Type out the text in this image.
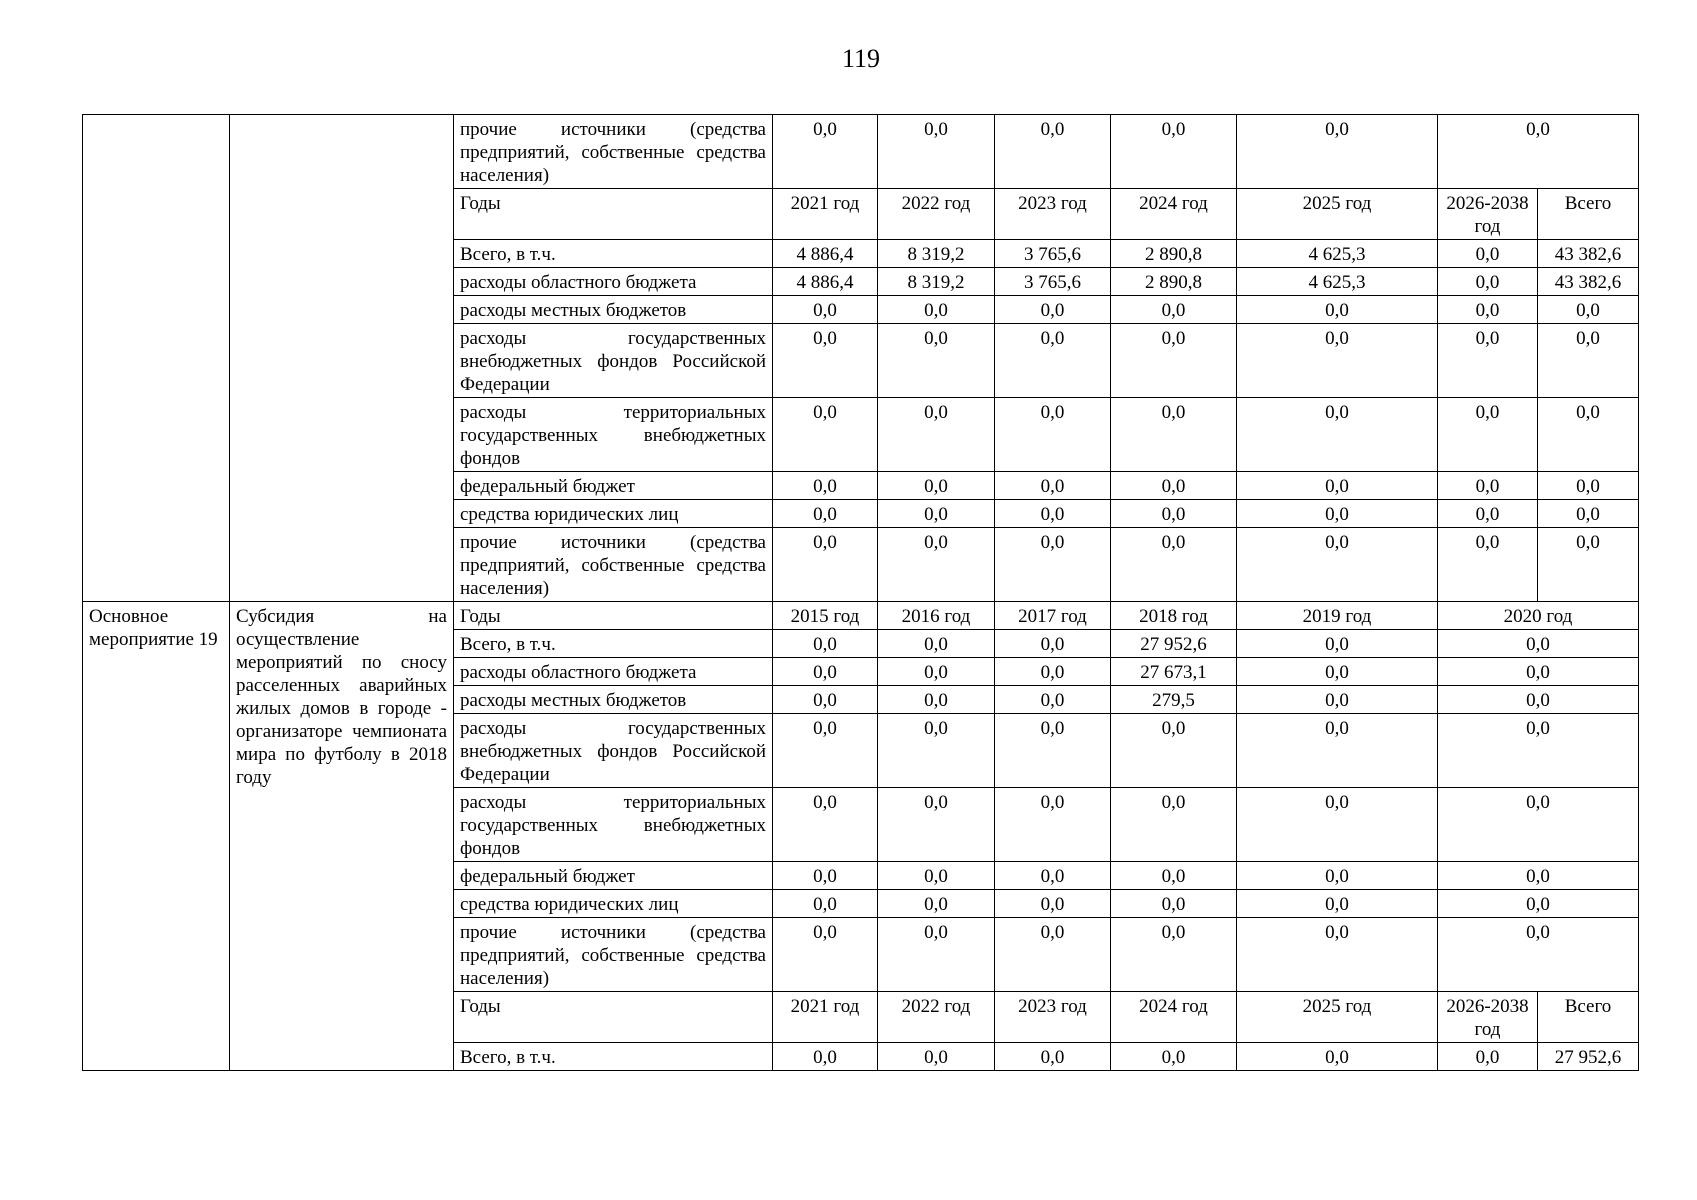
119
		прочие источники (средства предприятий, собственные средства населения)	0,0	0,0	0,0	0,0	0,0	0,0	
		Годы	2021 год	2022 год	2023 год	2024 год	2025 год	2026-2038 год	Всего
		Всего, в т.ч.	4 886,4	8 319,2	3 765,6	2 890,8	4 625,3	0,0	43 382,6
		расходы областного бюджета	4 886,4	8 319,2	3 765,6	2 890,8	4 625,3	0,0	43 382,6
		расходы местных бюджетов	0,0	0,0	0,0	0,0	0,0	0,0	0,0
		расходы государственных внебюджетных фондов Российской Федерации	0,0	0,0	0,0	0,0	0,0	0,0	0,0
		расходы территориальных государственных внебюджетных фондов	0,0	0,0	0,0	0,0	0,0	0,0	0,0
		федеральный бюджет	0,0	0,0	0,0	0,0	0,0	0,0	0,0
		средства юридических лиц	0,0	0,0	0,0	0,0	0,0	0,0	0,0
		прочие источники (средства предприятий, собственные средства населения)	0,0	0,0	0,0	0,0	0,0	0,0	0,0
Основное мероприятие 19	Субсидия на осуществление мероприятий по сносу расселенных аварийных жилых домов в городе - организаторе чемпионата мира по футболу в 2018 году	Годы	2015 год	2016 год	2017 год	2018 год	2019 год	2020 год	
		Всего, в т.ч.	0,0	0,0	0,0	27 952,6	0,0	0,0	
		расходы областного бюджета	0,0	0,0	0,0	27 673,1	0,0	0,0	
		расходы местных бюджетов	0,0	0,0	0,0	279,5	0,0	0,0	
		расходы государственных внебюджетных фондов Российской Федерации	0,0	0,0	0,0	0,0	0,0	0,0	
		расходы территориальных государственных внебюджетных фондов	0,0	0,0	0,0	0,0	0,0	0,0	
		федеральный бюджет	0,0	0,0	0,0	0,0	0,0	0,0	
		средства юридических лиц	0,0	0,0	0,0	0,0	0,0	0,0	
		прочие источники (средства предприятий, собственные средства населения)	0,0	0,0	0,0	0,0	0,0	0,0	
		Годы	2021 год	2022 год	2023 год	2024 год	2025 год	2026-2038 год	Всего
		Всего, в т.ч.	0,0	0,0	0,0	0,0	0,0	0,0	27 952,6
